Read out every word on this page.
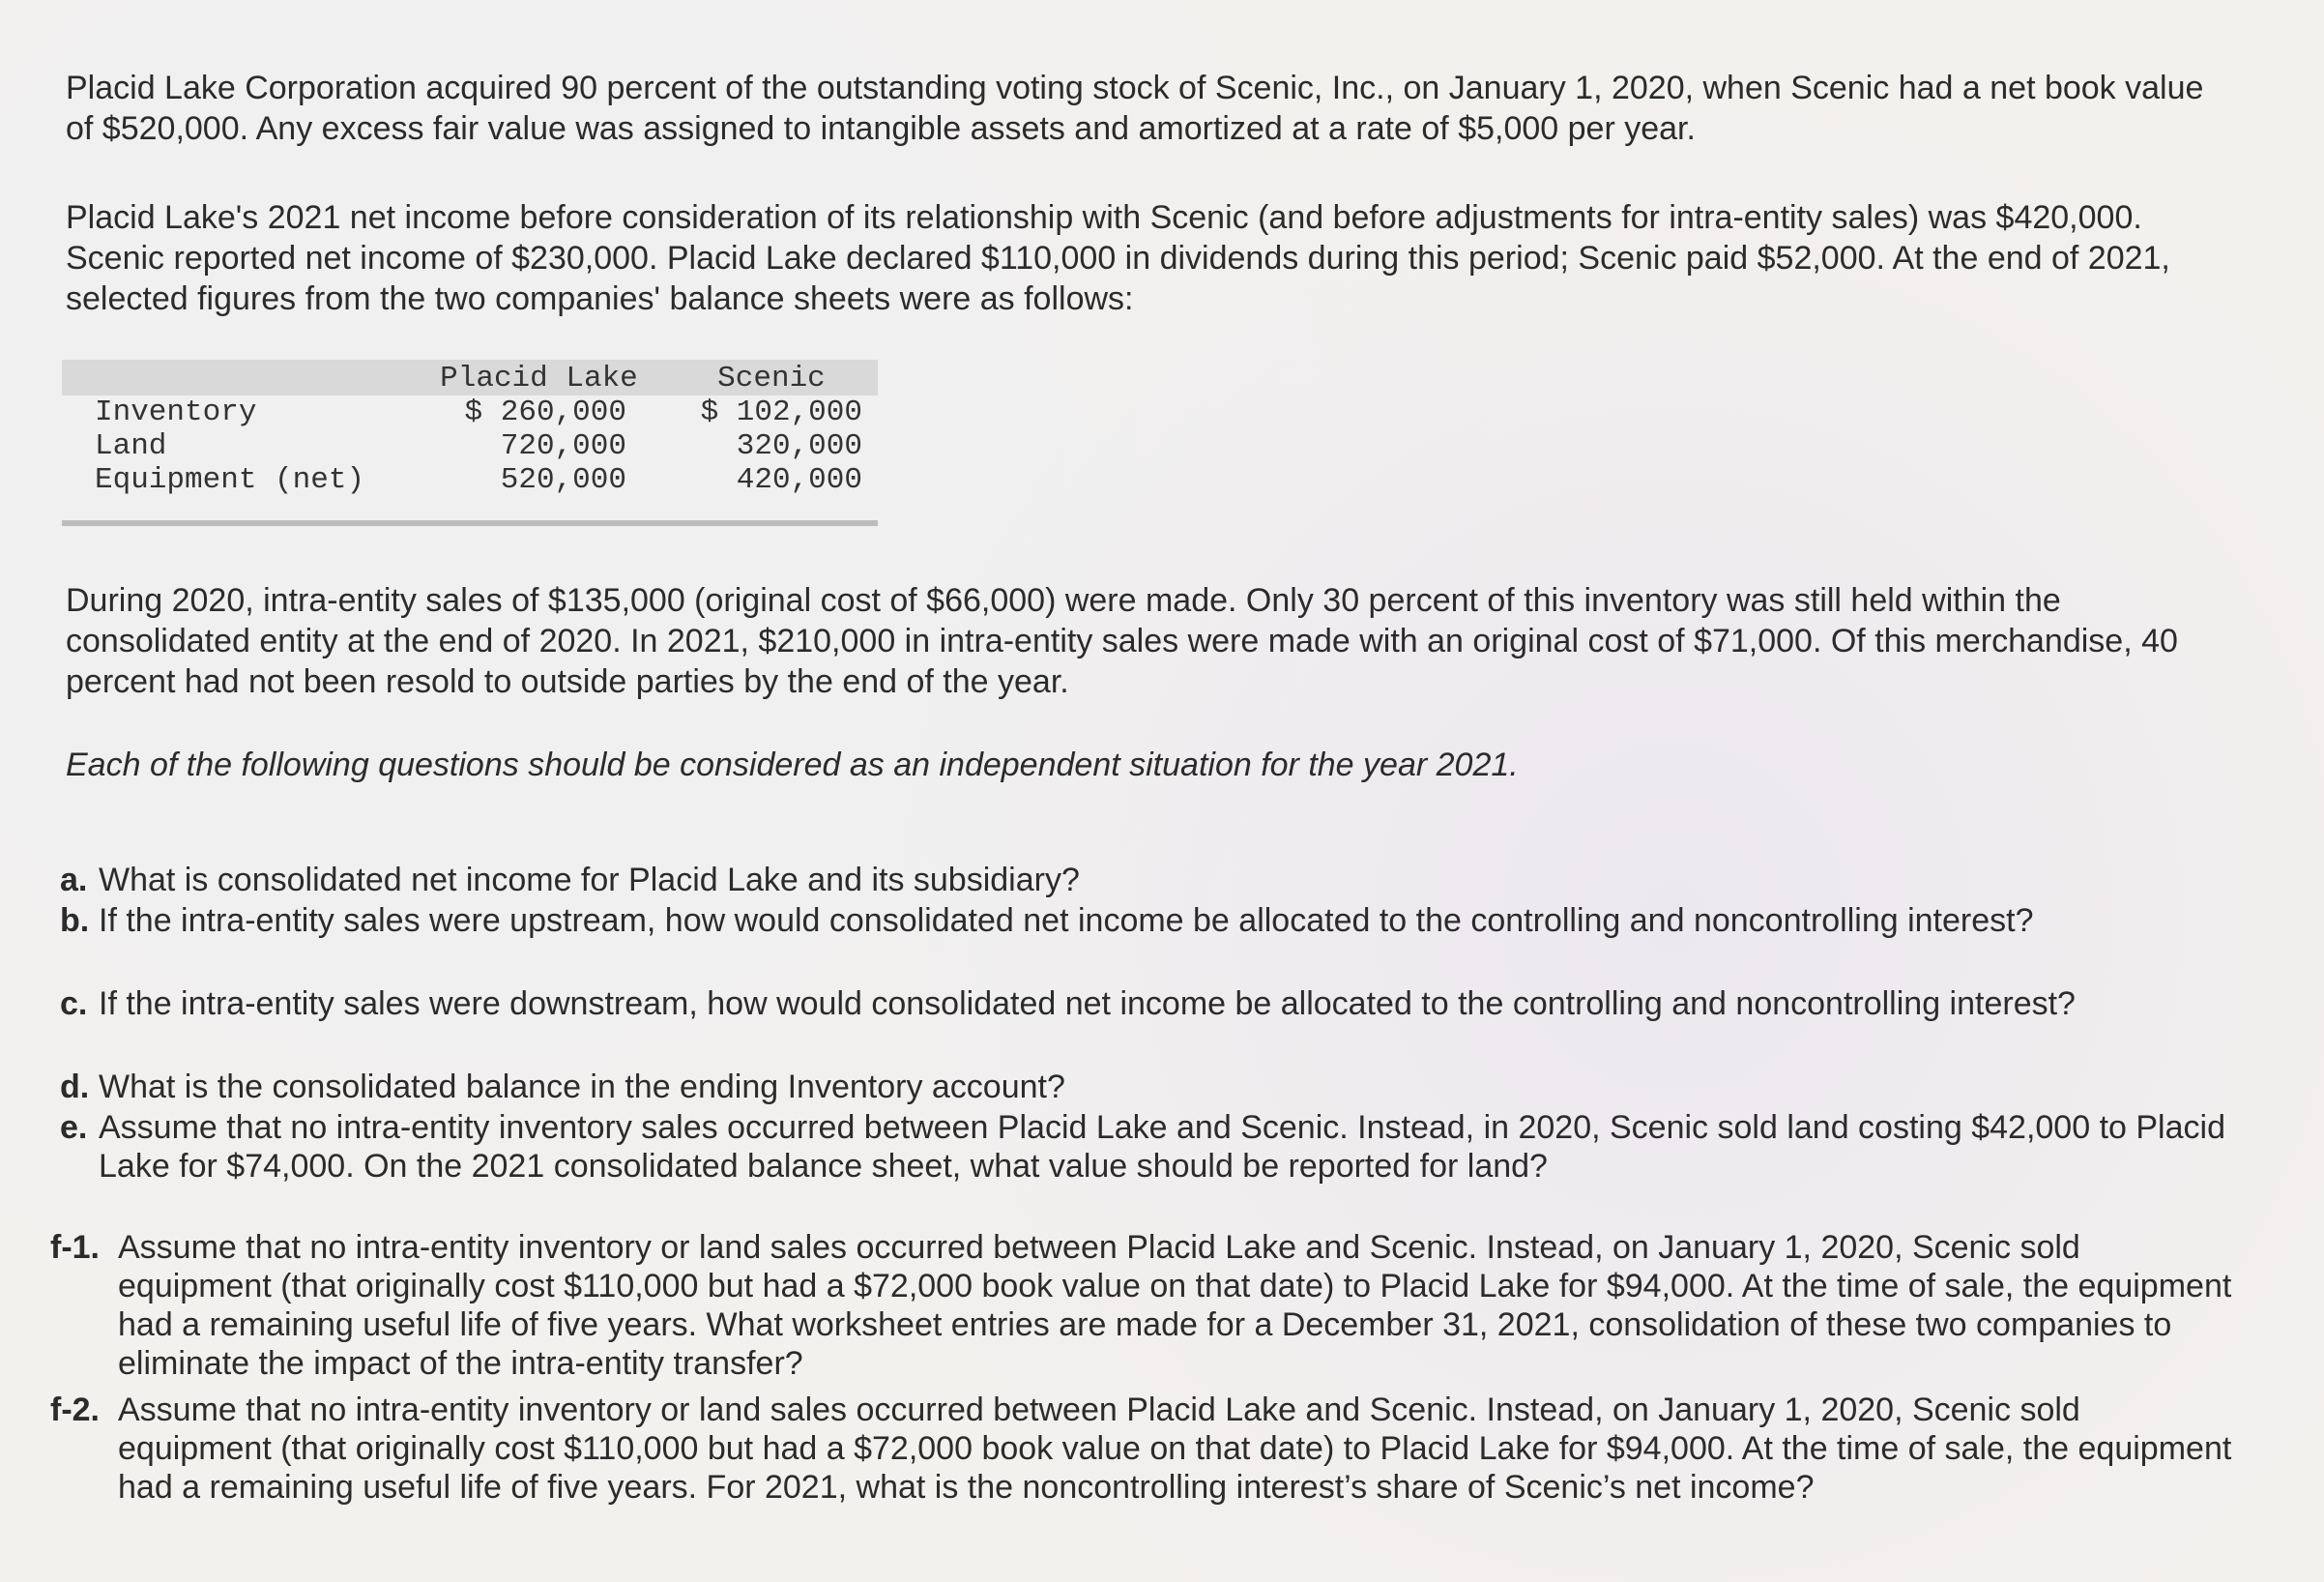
Placid Lake Corporation acquired 90 percent of the outstanding voting stock of Scenic, Inc., on January 1, 2020, when Scenic had a net book value of $520,000. Any excess fair value was assigned to intangible assets and amortized at a rate of $5,000 per year.

Placid Lake's 2021 net income before consideration of its relationship with Scenic (and before adjustments for intra-entity sales) was $420,000. Scenic reported net income of $230,000. Placid Lake declared $110,000 in dividends during this period; Scenic paid $52,000. At the end of 2021, selected figures from the two companies' balance sheets were as follows:

	Placid Lake	Scenic
Inventory	$ 260,000	$ 102,000
Land	720,000	320,000
Equipment (net)	520,000	420,000

During 2020, intra-entity sales of $135,000 (original cost of $66,000) were made. Only 30 percent of this inventory was still held within the consolidated entity at the end of 2020. In 2021, $210,000 in intra-entity sales were made with an original cost of $71,000. Of this merchandise, 40 percent had not been resold to outside parties by the end of the year.

Each of the following questions should be considered as an independent situation for the year 2021.

a. What is consolidated net income for Placid Lake and its subsidiary?
b. If the intra-entity sales were upstream, how would consolidated net income be allocated to the controlling and noncontrolling interest?
c. If the intra-entity sales were downstream, how would consolidated net income be allocated to the controlling and noncontrolling interest?
d. What is the consolidated balance in the ending Inventory account?
e. Assume that no intra-entity inventory sales occurred between Placid Lake and Scenic. Instead, in 2020, Scenic sold land costing $42,000 to Placid Lake for $74,000. On the 2021 consolidated balance sheet, what value should be reported for land?
f-1. Assume that no intra-entity inventory or land sales occurred between Placid Lake and Scenic. Instead, on January 1, 2020, Scenic sold equipment (that originally cost $110,000 but had a $72,000 book value on that date) to Placid Lake for $94,000. At the time of sale, the equipment had a remaining useful life of five years. What worksheet entries are made for a December 31, 2021, consolidation of these two companies to eliminate the impact of the intra-entity transfer?
f-2. Assume that no intra-entity inventory or land sales occurred between Placid Lake and Scenic. Instead, on January 1, 2020, Scenic sold equipment (that originally cost $110,000 but had a $72,000 book value on that date) to Placid Lake for $94,000. At the time of sale, the equipment had a remaining useful life of five years. For 2021, what is the noncontrolling interest’s share of Scenic’s net income?
